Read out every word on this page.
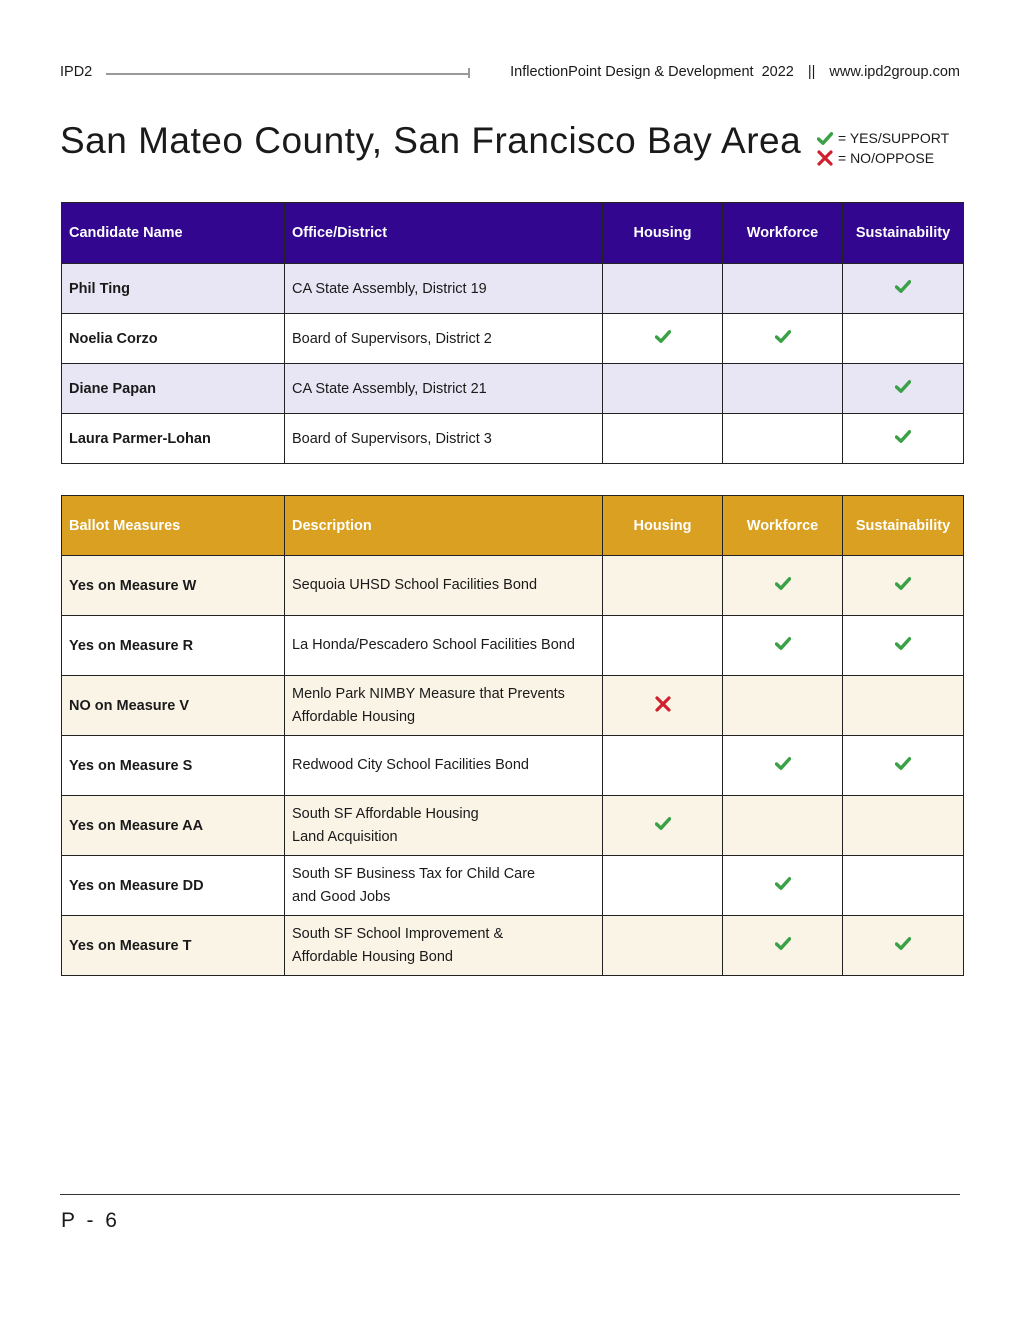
IPD2	InflectionPoint Design & Development  2022 || www.ipd2group.com
San Mateo County, San Francisco Bay Area	= YES/SUPPORT
= NO/OPPOSE
Candidate Name	Office/District	Housing	Workforce	Sustainability
Phil Ting	CA State Assembly, District 19			
Noelia Corzo	Board of Supervisors, District 2			
Diane Papan	CA State Assembly, District 21			
Laura Parmer-Lohan	Board of Supervisors, District 3			
Ballot Measures	Description	Housing	Workforce	Sustainability
Yes on Measure W	Sequoia UHSD School Facilities Bond

Yes on Measure R	La Honda/Pescadero School Facilities Bond

NO on Measure V	Menlo Park NIMBY Measure that Prevents
Affordable Housing

Yes on Measure S	Redwood City School Facilities Bond

Yes on Measure AA	South SF Affordable Housing
Land Acquisition

Yes on Measure DD	South SF Business Tax for Child Care
and Good Jobs

Yes on Measure T	South SF School Improvement &
Affordable Housing Bond

P - 6
